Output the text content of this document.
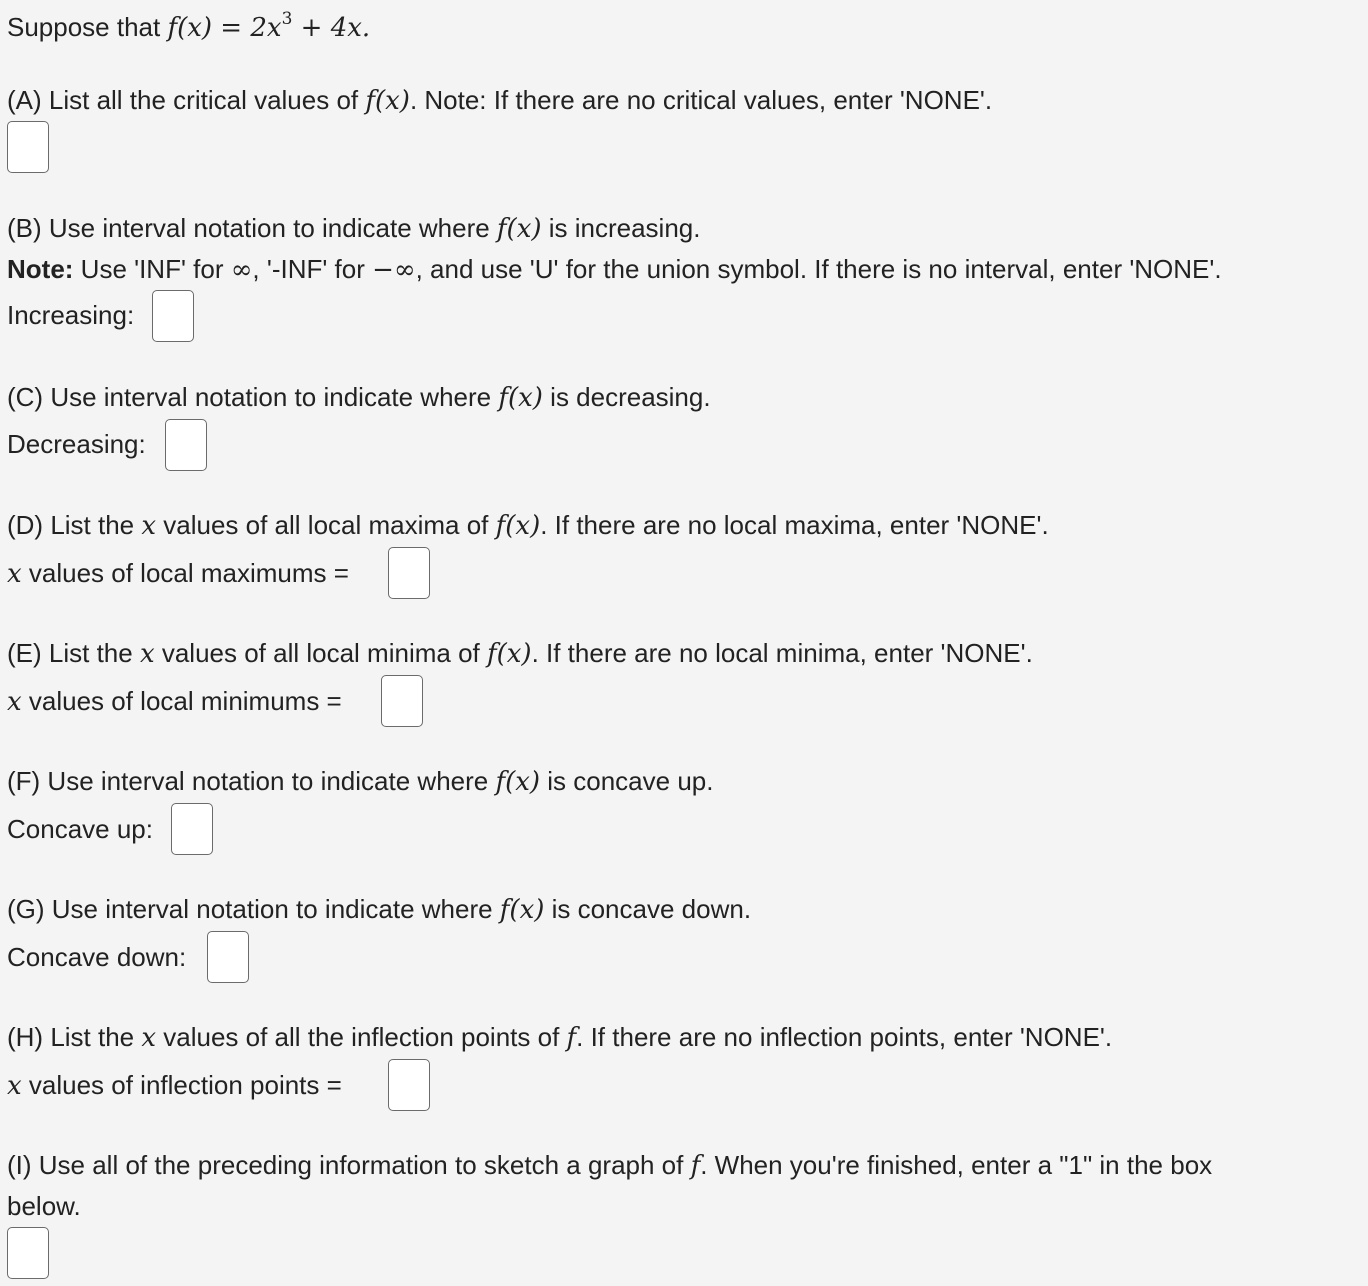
Suppose that $f(x) = 2x^3 + 4x$.
(A) List all the critical values of f(x). Note: If there are no critical values, enter 'NONE'.
(B) Use interval notation to indicate where f(x) is increasing.
Note: Use 'INF' for ∞, '-INF' for −∞, and use 'U' for the union symbol. If there is no interval, enter 'NONE'.
Increasing:
(C) Use interval notation to indicate where f(x) is decreasing.
Decreasing:
(D) List the x values of all local maxima of f(x). If there are no local maxima, enter 'NONE'.
x values of local maximums =
(E) List the x values of all local minima of f(x). If there are no local minima, enter 'NONE'.
x values of local minimums =
(F) Use interval notation to indicate where f(x) is concave up.
Concave up:
(G) Use interval notation to indicate where f(x) is concave down.
Concave down:
(H) List the x values of all the inflection points of f. If there are no inflection points, enter 'NONE'.
x values of inflection points =
(I) Use all of the preceding information to sketch a graph of f. When you're finished, enter a "1" in the box
below.
